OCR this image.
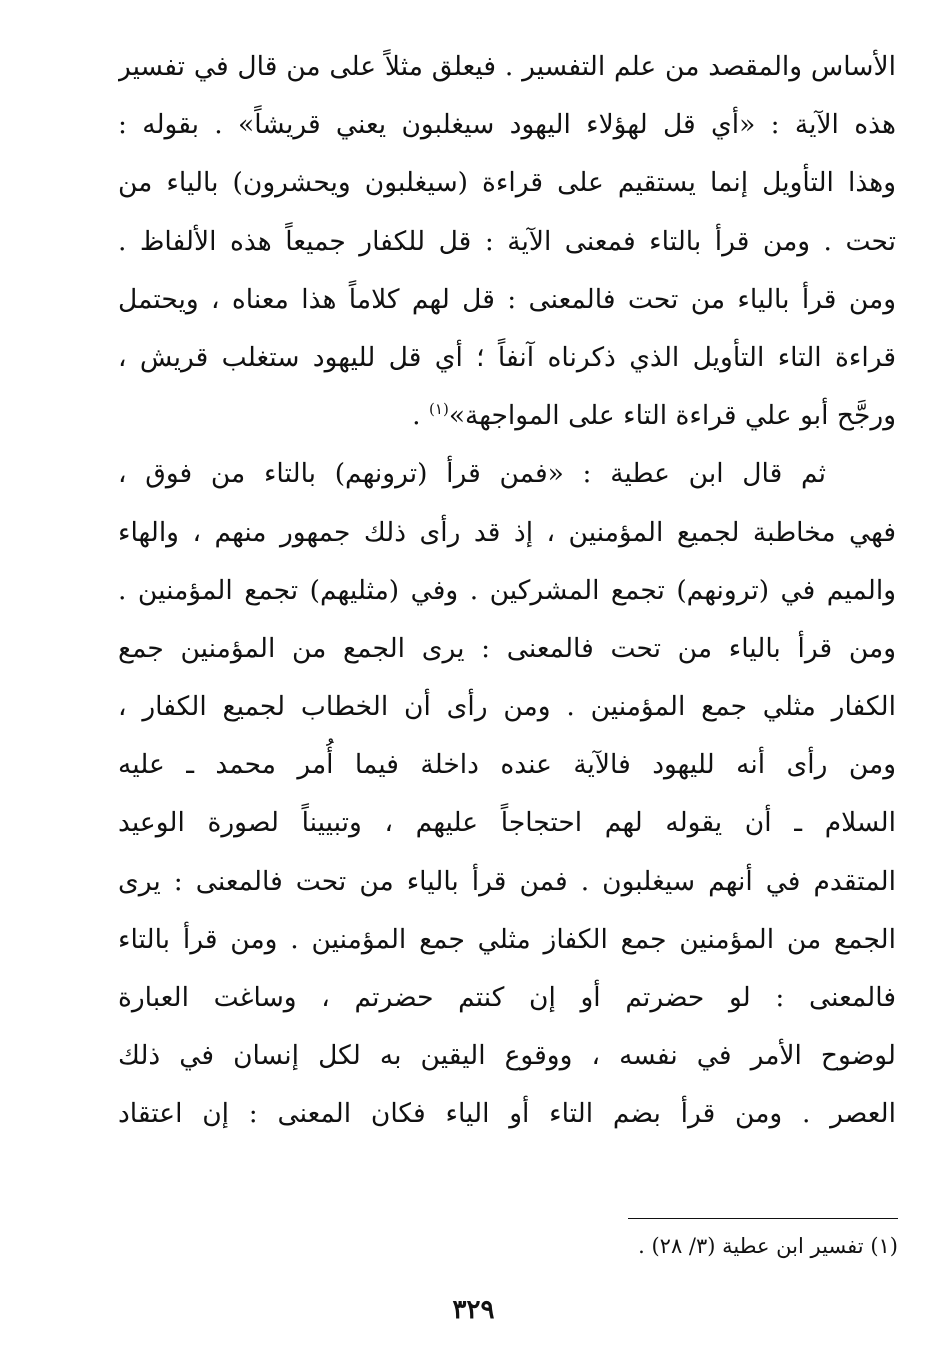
الأساس والمقصد من علم التفسير . فيعلق مثلاً على من قال في تفسير
هذه الآية : «أي قل لهؤلاء اليهود سيغلبون يعني قريشاً» . بقوله :
وهذا التأويل إنما يستقيم على قراءة (سيغلبون ويحشرون) بالياء من
تحت . ومن قرأ بالتاء فمعنى الآية : قل للكفار جميعاً هذه الألفاظ .
ومن قرأ بالياء من تحت فالمعنى : قل لهم كلاماً هذا معناه ، ويحتمل
قراءة التاء التأويل الذي ذكرناه آنفاً ؛ أي قل لليهود ستغلب قريش ،
ورجَّح أبو علي قراءة التاء على المواجهة»$^{(١)}$ .
ثم قال ابن عطية : «فمن قرأ (ترونهم) بالتاء من فوق ،
فهي مخاطبة لجميع المؤمنين ، إذ قد رأى ذلك جمهور منهم ، والهاء
والميم في (ترونهم) تجمع المشركين . وفي (مثليهم) تجمع المؤمنين .
ومن قرأ بالياء من تحت فالمعنى : يرى الجمع من المؤمنين جمع
الكفار مثلي جمع المؤمنين . ومن رأى أن الخطاب لجميع الكفار ،
ومن رأى أنه لليهود فالآية عنده داخلة فيما أُمر محمد ـ عليه
السلام ـ أن يقوله لهم احتجاجاً عليهم ، وتبييناً لصورة الوعيد
المتقدم في أنهم سيغلبون . فمن قرأ بالياء من تحت فالمعنى : يرى
الجمع من المؤمنين جمع الكفاز مثلي جمع المؤمنين . ومن قرأ بالتاء
فالمعنى : لو حضرتم أو إن كنتم حضرتم ، وساغت العبارة
لوضوح الأمر في نفسه ، ووقوع اليقين به لكل إنسان في ذلك
العصر . ومن قرأ بضم التاء أو الياء فكان المعنى : إن اعتقاد
(١) تفسير ابن عطية (٣/ ٢٨) .
٣٢٩
